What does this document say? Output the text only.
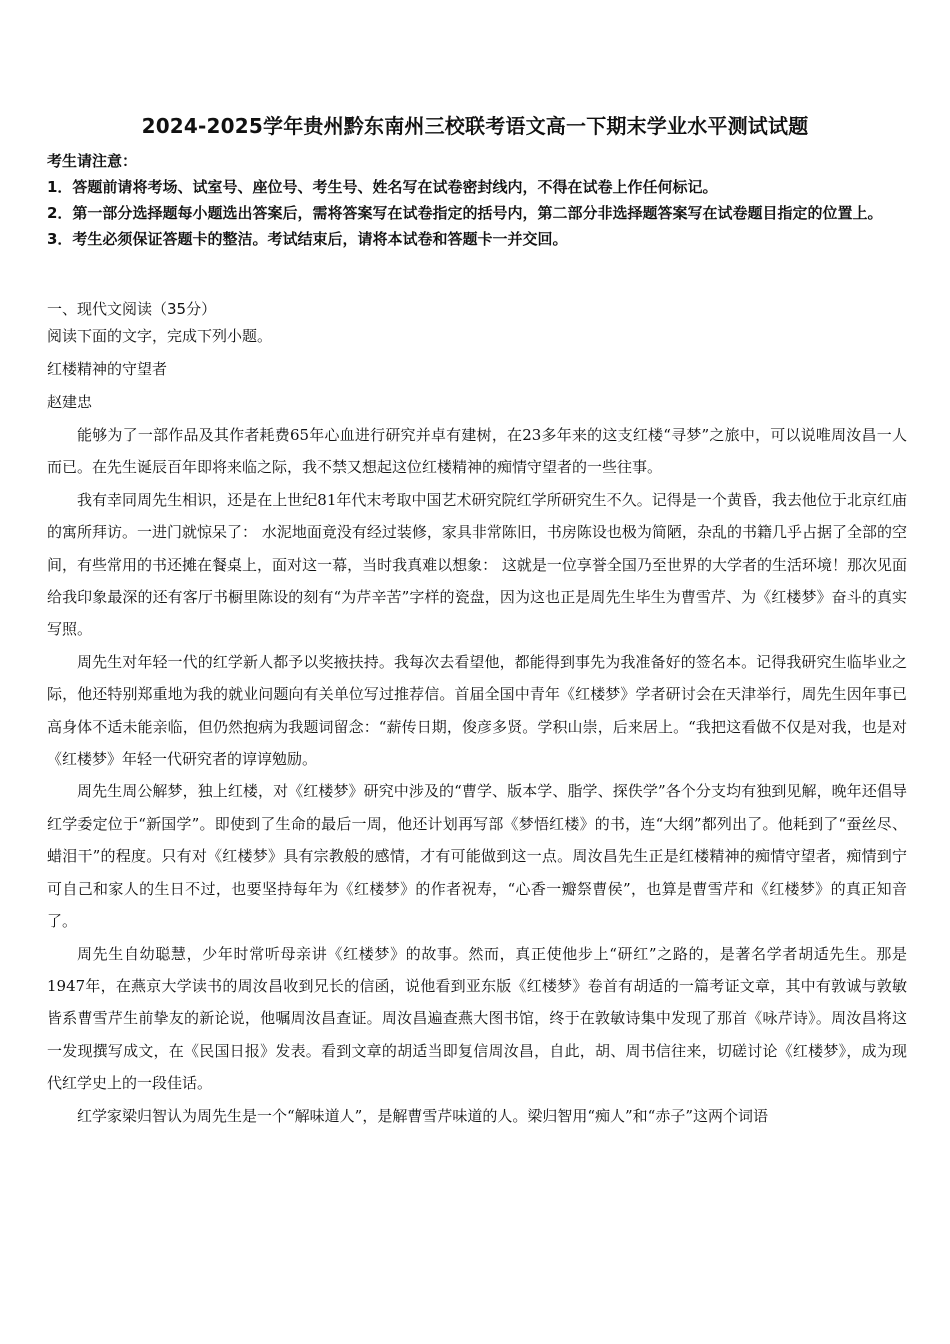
2024-2025学年贵州黔东南州三校联考语文高一下期末学业水平测试试题

考生请注意：

1．答题前请将考场、试室号、座位号、考生号、姓名写在试卷密封线内，不得在试卷上作任何标记。

2．第一部分选择题每小题选出答案后，需将答案写在试卷指定的括号内，第二部分非选择题答案写在试卷题目指定的位置上。

3．考生必须保证答题卡的整洁。考试结束后，请将本试卷和答题卡一并交回。

一、现代文阅读（35分）
阅读下面的文字，完成下列小题。
红楼精神的守望者
赵建忠

能够为了一部作品及其作者耗费65年心血进行研究并卓有建树，在23多年来的这支红楼“寻梦”之旅中，可以说唯周汝昌一人而已。在先生诞辰百年即将来临之际，我不禁又想起这位红楼精神的痴情守望者的一些往事。

我有幸同周先生相识，还是在上世纪81年代末考取中国艺术研究院红学所研究生不久。记得是一个黄昏，我去他位于北京红庙的寓所拜访。一进门就惊呆了： 水泥地面竟没有经过装修，家具非常陈旧，书房陈设也极为简陋，杂乱的书籍几乎占据了全部的空间，有些常用的书还摊在餐桌上，面对这一幕，当时我真难以想象： 这就是一位享誉全国乃至世界的大学者的生活环境！那次见面给我印象最深的还有客厅书橱里陈设的刻有“为芹辛苦”字样的瓷盘，因为这也正是周先生毕生为曹雪芹、为《红楼梦》奋斗的真实写照。

周先生对年轻一代的红学新人都予以奖掖扶持。我每次去看望他，都能得到事先为我准备好的签名本。记得我研究生临毕业之际，他还特别郑重地为我的就业问题向有关单位写过推荐信。首届全国中青年《红楼梦》学者研讨会在天津举行，周先生因年事已高身体不适未能亲临，但仍然抱病为我题词留念：“薪传日期，俊彦多贤。学积山崇，后来居上。“我把这看做不仅是对我，也是对《红楼梦》年轻一代研究者的谆谆勉励。

周先生周公解梦，独上红楼，对《红楼梦》研究中涉及的“曹学、版本学、脂学、探佚学”各个分支均有独到见解，晚年还倡导红学委定位于“新国学”。即使到了生命的最后一周，他还计划再写部《梦悟红楼》的书，连“大纲”都列出了。他耗到了“蚕丝尽、蜡泪干”的程度。只有对《红楼梦》具有宗教般的感情，才有可能做到这一点。周汝昌先生正是红楼精神的痴情守望者，痴情到宁可自己和家人的生日不过，也要坚持每年为《红楼梦》的作者祝寿，“心香一瓣祭曹侯”，也算是曹雪芹和《红楼梦》的真正知音了。

周先生自幼聪慧，少年时常听母亲讲《红楼梦》的故事。然而，真正使他步上“研红”之路的，是著名学者胡适先生。那是1947年，在燕京大学读书的周汝昌收到兄长的信函，说他看到亚东版《红楼梦》卷首有胡适的一篇考证文章，其中有敦诚与敦敏皆系曹雪芹生前挚友的新论说，他嘱周汝昌查证。周汝昌遍查燕大图书馆，终于在敦敏诗集中发现了那首《咏芹诗》。周汝昌将这一发现撰写成文，在《民国日报》发表。看到文章的胡适当即复信周汝昌，自此，胡、周书信往来，切磋讨论《红楼梦》，成为现代红学史上的一段佳话。

红学家梁归智认为周先生是一个“解味道人”，是解曹雪芹味道的人。梁归智用“痴人”和“赤子”这两个词语
